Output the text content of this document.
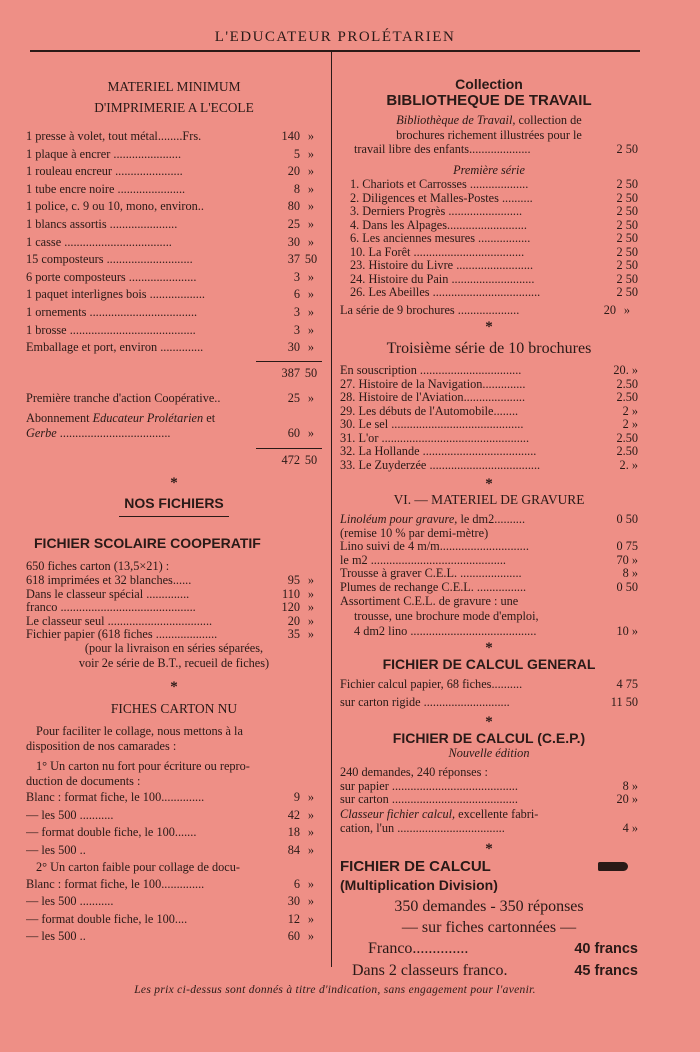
L'EDUCATEUR PROLÉTARIEN
MATERIEL MINIMUM
D'IMPRIMERIE A L'ECOLE
1 presse à volet, tout métal........Frs.	140 »
1 plaque à encrer ......................	5 »
1 rouleau encreur ......................	20 »
1 tube encre noire ......................	8 »
1 police, c. 9 ou 10, mono, environ..	80 »
1 blancs assortis ......................	25 »
1 casse ...................................	30 »
15 composteurs ............................	37 50
6 porte composteurs ......................	3 »
1 paquet interlignes bois ..................	6 »
1 ornements ...................................	3 »
1 brosse .........................................	3 »
Emballage et port, environ ..............	30 »
387 50
Première tranche d'action Coopérative..	25 »
Abonnement Educateur Prolétarien et
Gerbe ....................................	60 »
472 50
*
NOS FICHIERS
FICHIER SCOLAIRE COOPERATIF
650 fiches carton (13,5×21) :
618 imprimées et 32 blanches......	95 »
Dans le classeur spécial ..............	110 »
franco ............................................	120 »
Le classeur seul ..................................	20 »
Fichier papier (618 fiches ....................	35 »
(pour la livraison en séries séparées,
voir 2e série de B.T., recueil de fiches)
*
FICHES CARTON NU
Pour faciliter le collage, nous mettons à la
disposition de nos camarades :
1° Un carton nu fort pour écriture ou repro-
duction de documents :
Blanc : format fiche, le 100..............	9 »
— les 500 ...........	42 »
— format double fiche, le 100.......	18 »
— les 500 ..	84 »
2° Un carton faible pour collage de docu-
Blanc : format fiche, le 100..............	6 »
— les 500 ...........	30 »
— format double fiche, le 100....	12 »
— les 500 ..	60 »
Collection
BIBLIOTHEQUE DE TRAVAIL
Bibliothèque de Travail, collection de
brochures richement illustrées pour le
travail libre des enfants....................	2 50
Première série
1. Chariots et Carrosses ...................	2 50
2. Diligences et Malles-Postes ..........	2 50
3. Derniers Progrès ........................	2 50
4. Dans les Alpages..........................	2 50
6. Les anciennes mesures .................	2 50
10. La Forêt ....................................	2 50
23. Histoire du Livre .........................	2 50
24. Histoire du Pain ...........................	2 50
26. Les Abeilles ...................................	2 50
La série de 9 brochures ....................	20 »
*
Troisième série de 10 brochures
En souscription .................................	20. »
27. Histoire de la Navigation..............	2.50
28. Histoire de l'Aviation....................	2.50
29. Les débuts de l'Automobile........	2 »
30. Le sel ...........................................	2 »
31. L'or ................................................	2.50
32. La Hollande .....................................	2.50
33. Le Zuyderzée ....................................	2. »
*
VI. — MATERIEL DE GRAVURE
Linoléum pour gravure, le dm2..........	0 50
(remise 10 % par demi-mètre)
Lino suivi de 4 m/m.............................	0 75
le m2 ............................................	70 »
Trousse à graver C.E.L. ....................	8 »
Plumes de rechange C.E.L. ................	0 50
Assortiment C.E.L. de gravure : une
trousse, une brochure mode d'emploi,
4 dm2 lino .........................................	10 »
*
FICHIER DE CALCUL GENERAL
Fichier calcul papier, 68 fiches..........	4 75
sur carton rigide ............................	11 50
*
FICHIER DE CALCUL (C.E.P.)
Nouvelle édition
240 demandes, 240 réponses :
sur papier .........................................	8 »
sur carton .........................................	20 »
Classeur fichier calcul, excellente fabri-
cation, l'un ...................................	4 »
*
FICHIER DE CALCUL
(Multiplication Division)
350 demandes - 350 réponses
— sur fiches cartonnées —
Franco..............	40 francs
Dans 2 classeurs franco.	45 francs
Les prix ci-dessus sont donnés à titre d'indication, sans engagement pour l'avenir.
